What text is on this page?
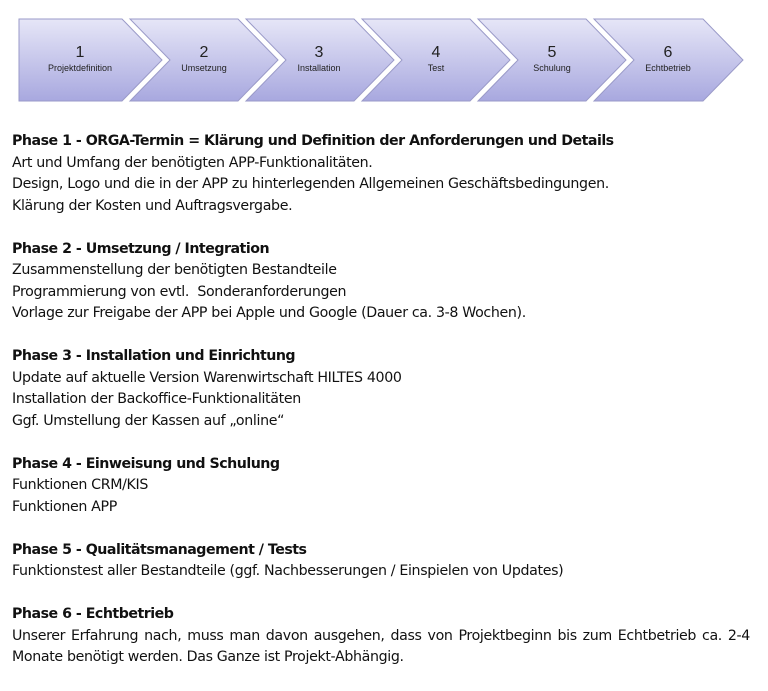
1
Projektdefinition
2
Umsetzung
3
Installation
4
Test
5
Schulung
6
Echtbetrieb
Phase 1 - ORGA-Termin = Klärung und Definition der Anforderungen und Details
Art und Umfang der benötigten APP-Funktionalitäten.
Design, Logo und die in der APP zu hinterlegenden Allgemeinen Geschäftsbedingungen.
Klärung der Kosten und Auftragsvergabe.
Phase 2 - Umsetzung / Integration
Zusammenstellung der benötigten Bestandteile
Programmierung von evtl.  Sonderanforderungen
Vorlage zur Freigabe der APP bei Apple und Google (Dauer ca. 3-8 Wochen).
Phase 3 - Installation und Einrichtung
Update auf aktuelle Version Warenwirtschaft HILTES 4000
Installation der Backoffice-Funktionalitäten
Ggf. Umstellung der Kassen auf „online“
Phase 4 - Einweisung und Schulung
Funktionen CRM/KIS
Funktionen APP
Phase 5 - Qualitätsmanagement / Tests
Funktionstest aller Bestandteile (ggf. Nachbesserungen / Einspielen von Updates)
Phase 6 - Echtbetrieb
Unserer Erfahrung nach, muss man davon ausgehen, dass von Projektbeginn bis zum Echtbetrieb ca. 2-4 Monate benötigt werden. Das Ganze ist Projekt-Abhängig.
